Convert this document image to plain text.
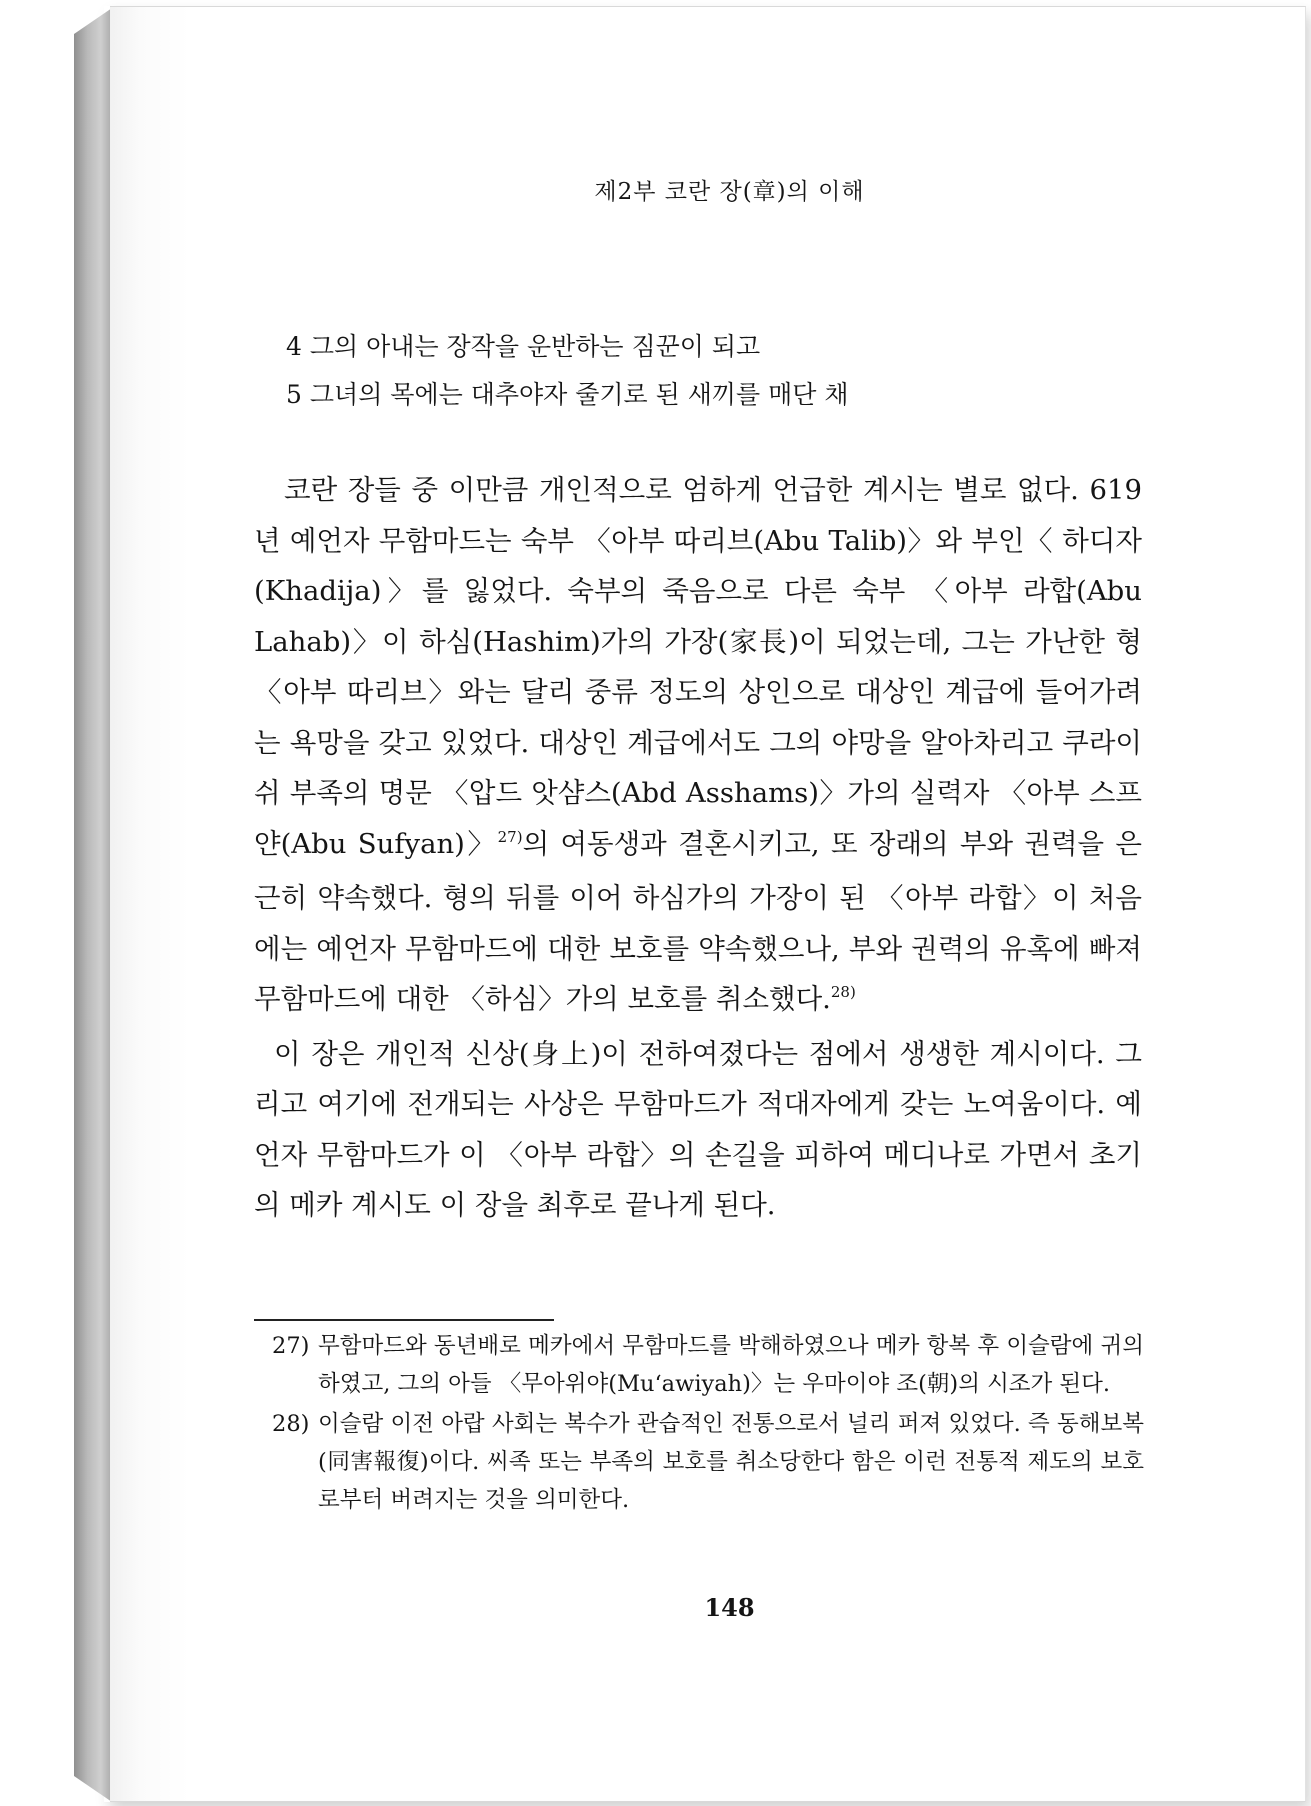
제2부 코란 장(章)의 이해
4 그의 아내는 장작을 운반하는 짐꾼이 되고
5 그녀의 목에는 대추야자 줄기로 된 새끼를 매단 채

코란 장들 중 이만큼 개인적으로 엄하게 언급한 계시는 별로 없다. 619년 예언자 무함마드는 숙부 〈아부 따리브(Abu Talib)〉와 부인〈 하디자(Khadija)〉를 잃었다. 숙부의 죽음으로 다른 숙부 〈아부 라합(Abu Lahab)〉이 하심(Hashim)가의 가장(家長)이 되었는데, 그는 가난한 형〈아부 따리브〉와는 달리 중류 정도의 상인으로 대상인 계급에 들어가려는 욕망을 갖고 있었다. 대상인 계급에서도 그의 야망을 알아차리고 쿠라이쉬 부족의 명문 〈압드 앗샴스(Abd Asshams)〉가의 실력자 〈아부 스프얀(Abu Sufyan)〉$^{27)}$의 여동생과 결혼시키고, 또 장래의 부와 권력을 은근히 약속했다. 형의 뒤를 이어 하심가의 가장이 된 〈아부 라합〉이 처음에는 예언자 무함마드에 대한 보호를 약속했으나, 부와 권력의 유혹에 빠져 무함마드에 대한 〈하심〉가의 보호를 취소했다.$^{28)}$

이 장은 개인적 신상(身上)이 전하여졌다는 점에서 생생한 계시이다. 그리고 여기에 전개되는 사상은 무함마드가 적대자에게 갖는 노여움이다. 예언자 무함마드가 이 〈아부 라합〉의 손길을 피하여 메디나로 가면서 초기의 메카 계시도 이 장을 최후로 끝나게 된다.

27) 무함마드와 동년배로 메카에서 무함마드를 박해하였으나 메카 항복 후 이슬람에 귀의하였고, 그의 아들 〈무아위야(Mu‘awiyah)〉는 우마이야 조(朝)의 시조가 된다.
28) 이슬람 이전 아랍 사회는 복수가 관습적인 전통으로서 널리 퍼져 있었다. 즉 동해보복(同害報復)이다. 씨족 또는 부족의 보호를 취소당한다 함은 이런 전통적 제도의 보호로부터 버려지는 것을 의미한다.
148
